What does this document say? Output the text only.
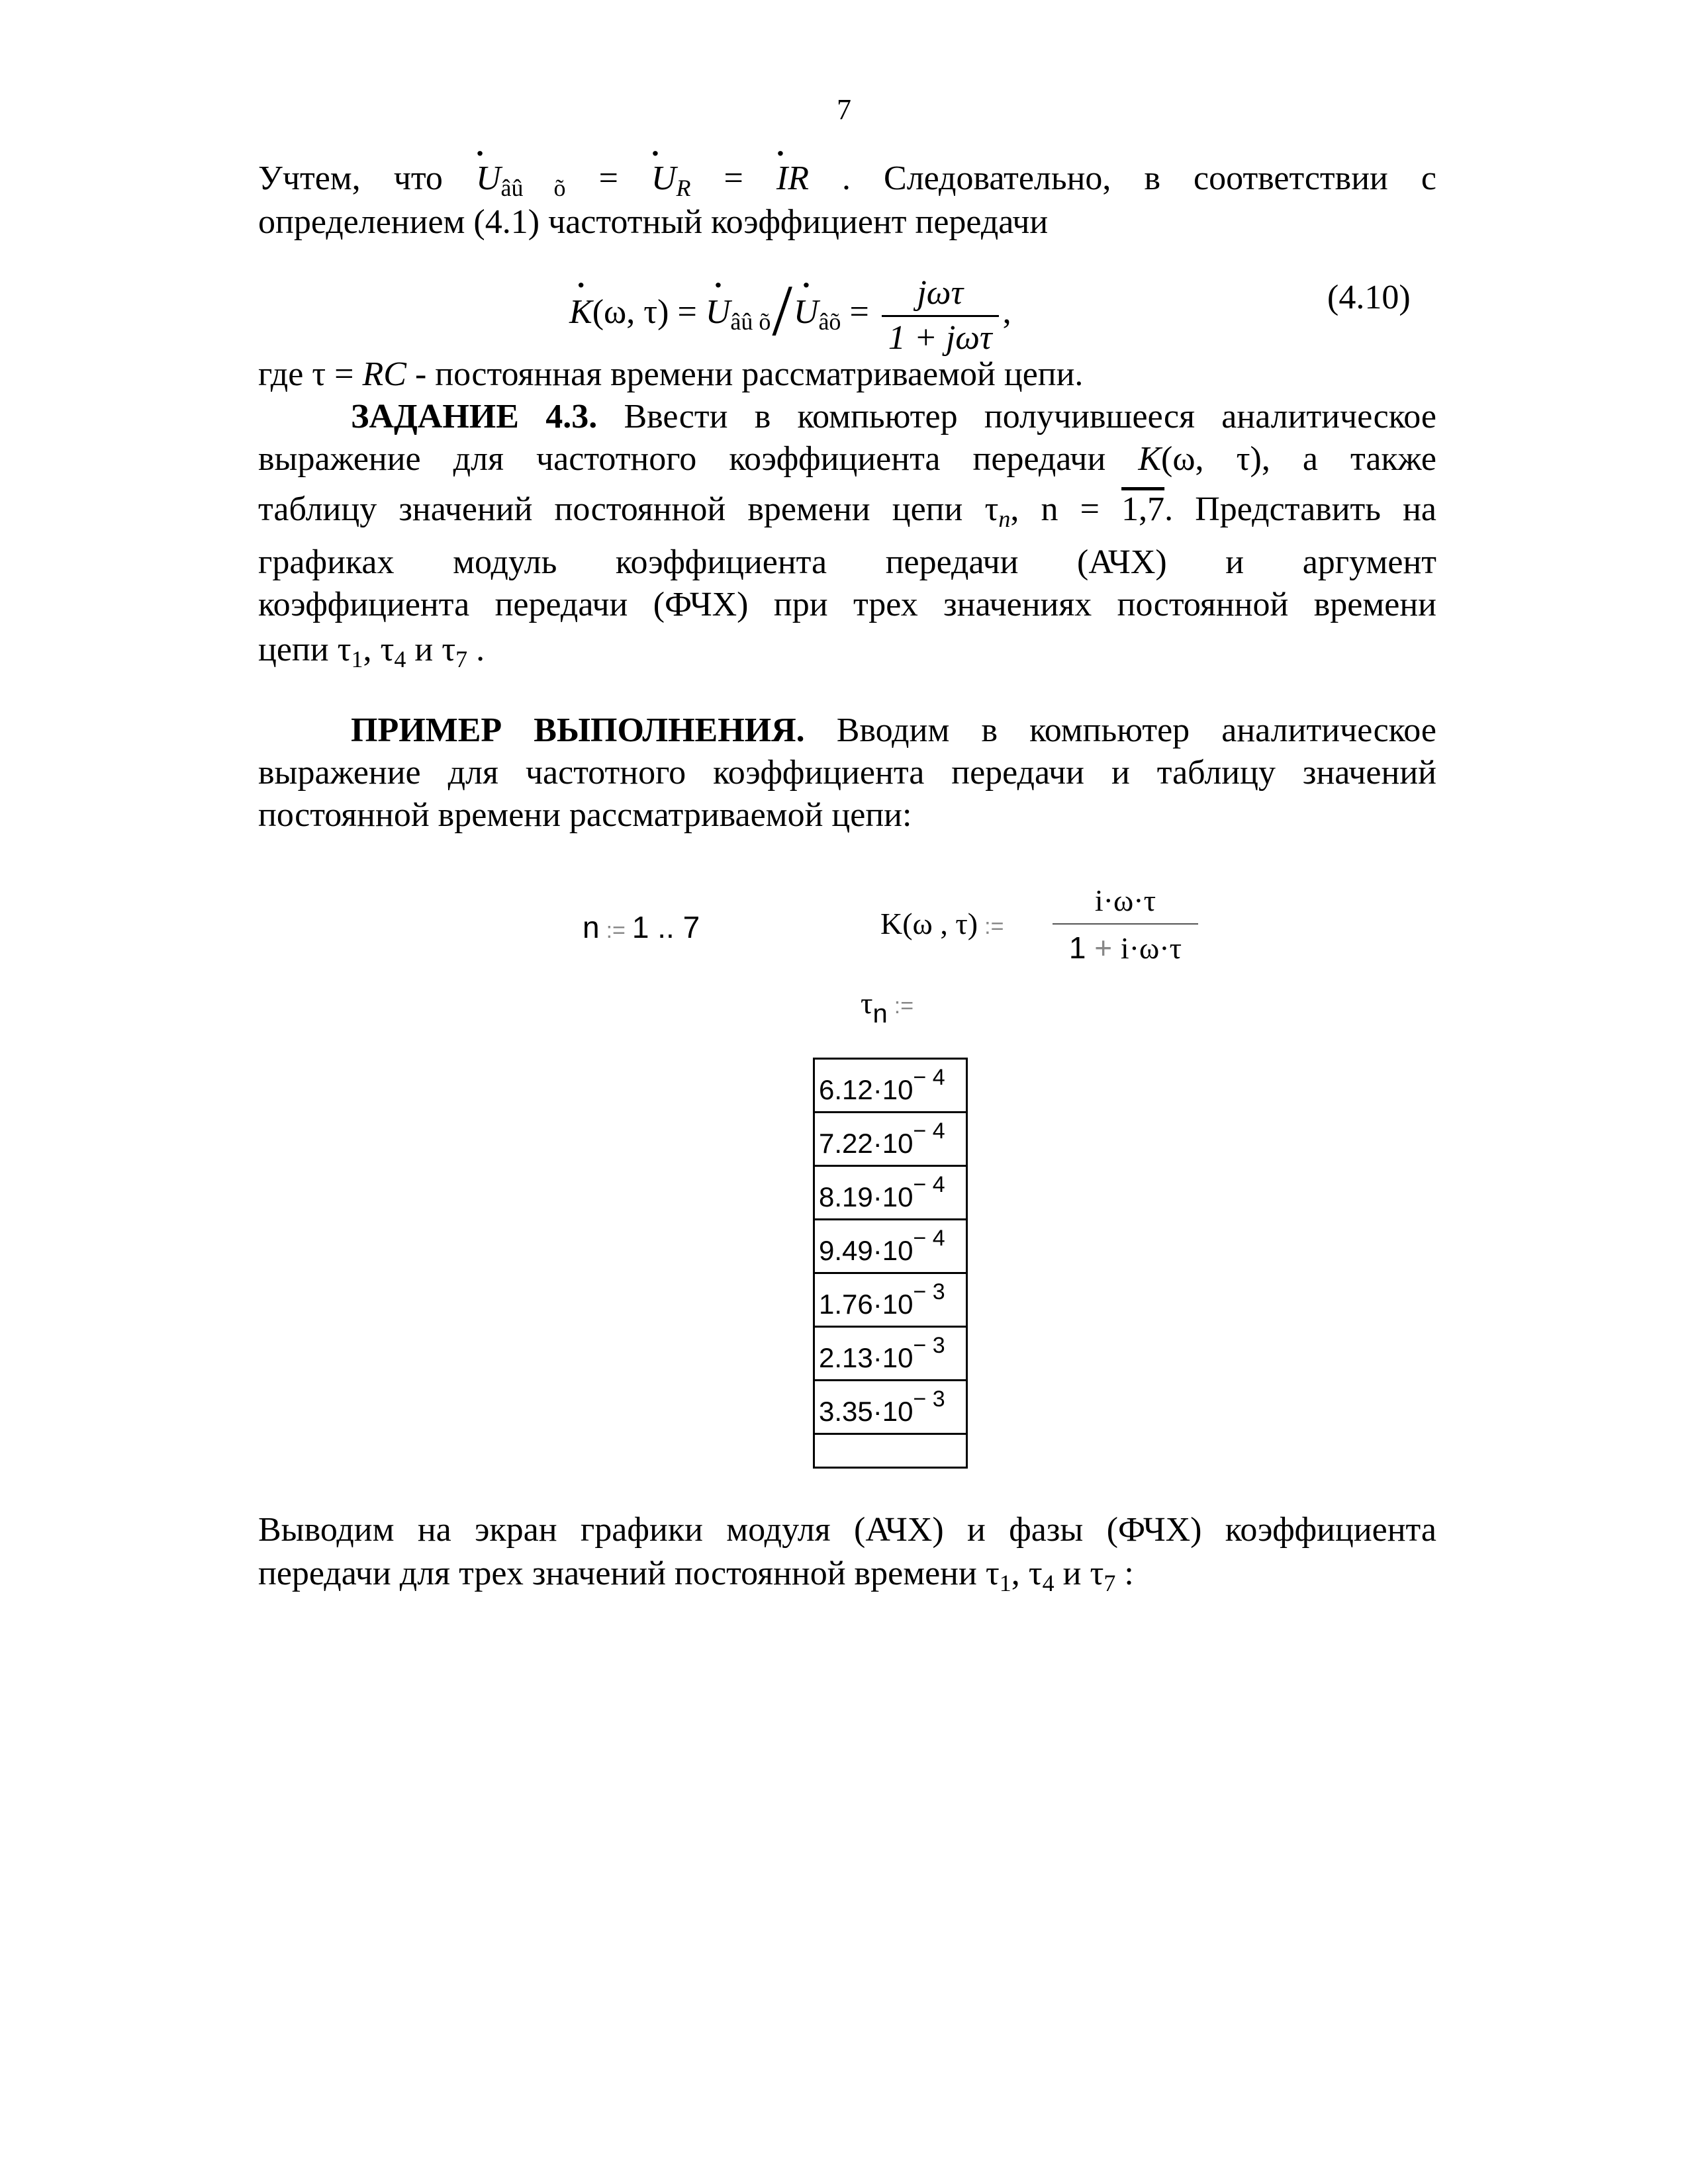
7
Учтем, что · $U_{âû õ}$ = · $U_R$ = · IR . Следовательно, в соответствии с
определением (4.1) частотный коэффициент передачи
· K(ω, τ) = · $U_{âû õ}/\cdot U_{âõ} = \frac{\text{jωτ}}{\text{1 + jωτ}}$ ,	(4.10)
где τ = RC - постоянная времени рассматриваемой цепи.
ЗАДАНИЕ 4.3. Ввести в компьютер получившееся аналитическое
выражение для частотного коэффициента передачи K(ω, τ), а также
таблицу значений постоянной времени цепи $\tau_n$, n = 1,7. Представить на
графиках модуль коэффициента передачи (АЧХ) и аргумент
коэффициента передачи (ФЧХ) при трех значениях постоянной времени
цепи $\tau_1$, $\tau_4$ и $\tau_7$ .
ПРИМЕР ВЫПОЛНЕНИЯ. Вводим в компьютер аналитическое
выражение для частотного коэффициента передачи и таблицу значений
постоянной времени рассматриваемой цепи:
n := 1 .. 7	K(ω , τ) := $\frac{i\cdot\omega\cdot\tau}{1 + i\cdot\omega\cdot\tau}$
τn :=
$6.12\cdot 10^{- 4}$
$7.22\cdot 10^{- 4}$
$8.19\cdot 10^{- 4}$
$9.49\cdot 10^{- 4}$
$1.76\cdot 10^{- 3}$
$2.13\cdot 10^{- 3}$
$3.35\cdot 10^{- 3}$

Выводим на экран графики модуля (АЧХ) и фазы (ФЧХ) коэффициента
передачи для трех значений постоянной времени $\tau_1$, $\tau_4$ и $\tau_7$ :
